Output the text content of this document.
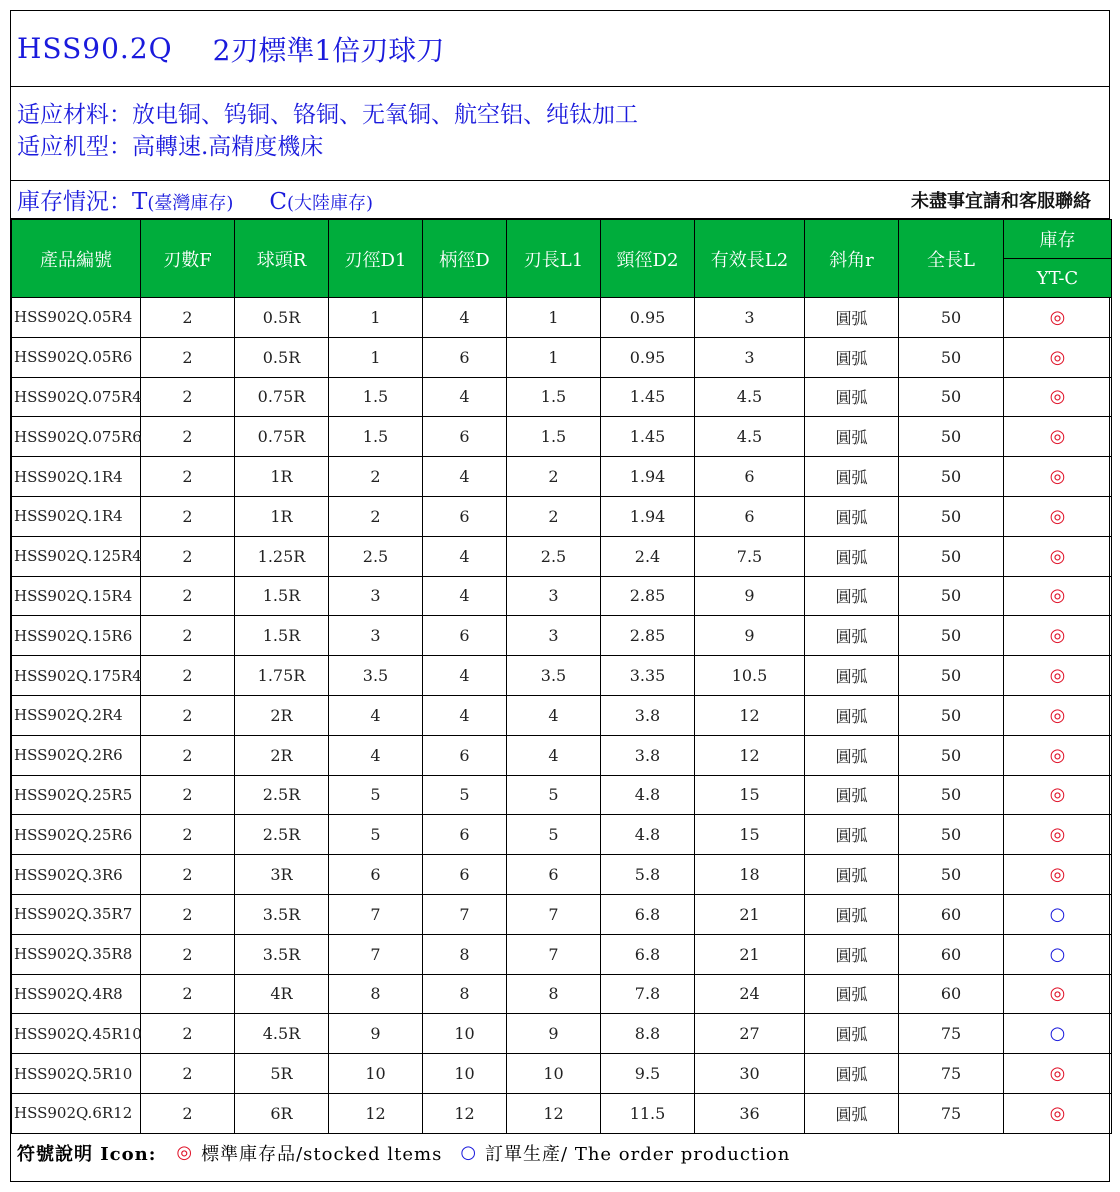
HSS90.2Q 2刃標準1倍刃球刀
适应材料：放电铜、钨铜、铬铜、无氧铜、航空铝、纯钛加工
适应机型：高轉速.高精度機床
庫存情況：T(臺灣庫存) C(大陸庫存)	未盡事宜請和客服聯絡
產品編號	刃數F	球頭R	刃徑D1	柄徑D	刃長L1	頸徑D2	有效長L2	斜角r	全長L	庫存
										YT-C
HSS902Q.05R4	2	0.5R	1	4	1	0.95	3	圓弧	50	◎
HSS902Q.05R6	2	0.5R	1	6	1	0.95	3	圓弧	50	◎
HSS902Q.075R4	2	0.75R	1.5	4	1.5	1.45	4.5	圓弧	50	◎
HSS902Q.075R6	2	0.75R	1.5	6	1.5	1.45	4.5	圓弧	50	◎
HSS902Q.1R4	2	1R	2	4	2	1.94	6	圓弧	50	◎
HSS902Q.1R4	2	1R	2	6	2	1.94	6	圓弧	50	◎
HSS902Q.125R4	2	1.25R	2.5	4	2.5	2.4	7.5	圓弧	50	◎
HSS902Q.15R4	2	1.5R	3	4	3	2.85	9	圓弧	50	◎
HSS902Q.15R6	2	1.5R	3	6	3	2.85	9	圓弧	50	◎
HSS902Q.175R4	2	1.75R	3.5	4	3.5	3.35	10.5	圓弧	50	◎
HSS902Q.2R4	2	2R	4	4	4	3.8	12	圓弧	50	◎
HSS902Q.2R6	2	2R	4	6	4	3.8	12	圓弧	50	◎
HSS902Q.25R5	2	2.5R	5	5	5	4.8	15	圓弧	50	◎
HSS902Q.25R6	2	2.5R	5	6	5	4.8	15	圓弧	50	◎
HSS902Q.3R6	2	3R	6	6	6	5.8	18	圓弧	50	◎
HSS902Q.35R7	2	3.5R	7	7	7	6.8	21	圓弧	60	○
HSS902Q.35R8	2	3.5R	7	8	7	6.8	21	圓弧	60	○
HSS902Q.4R8	2	4R	8	8	8	7.8	24	圓弧	60	◎
HSS902Q.45R10	2	4.5R	9	10	9	8.8	27	圓弧	75	○
HSS902Q.5R10	2	5R	10	10	10	9.5	30	圓弧	75	◎
HSS902Q.6R12	2	6R	12	12	12	11.5	36	圓弧	75	◎
符號說明 Icon: ◎ 標準庫存品/stocked ltems ○ 訂單生產/ The order production
